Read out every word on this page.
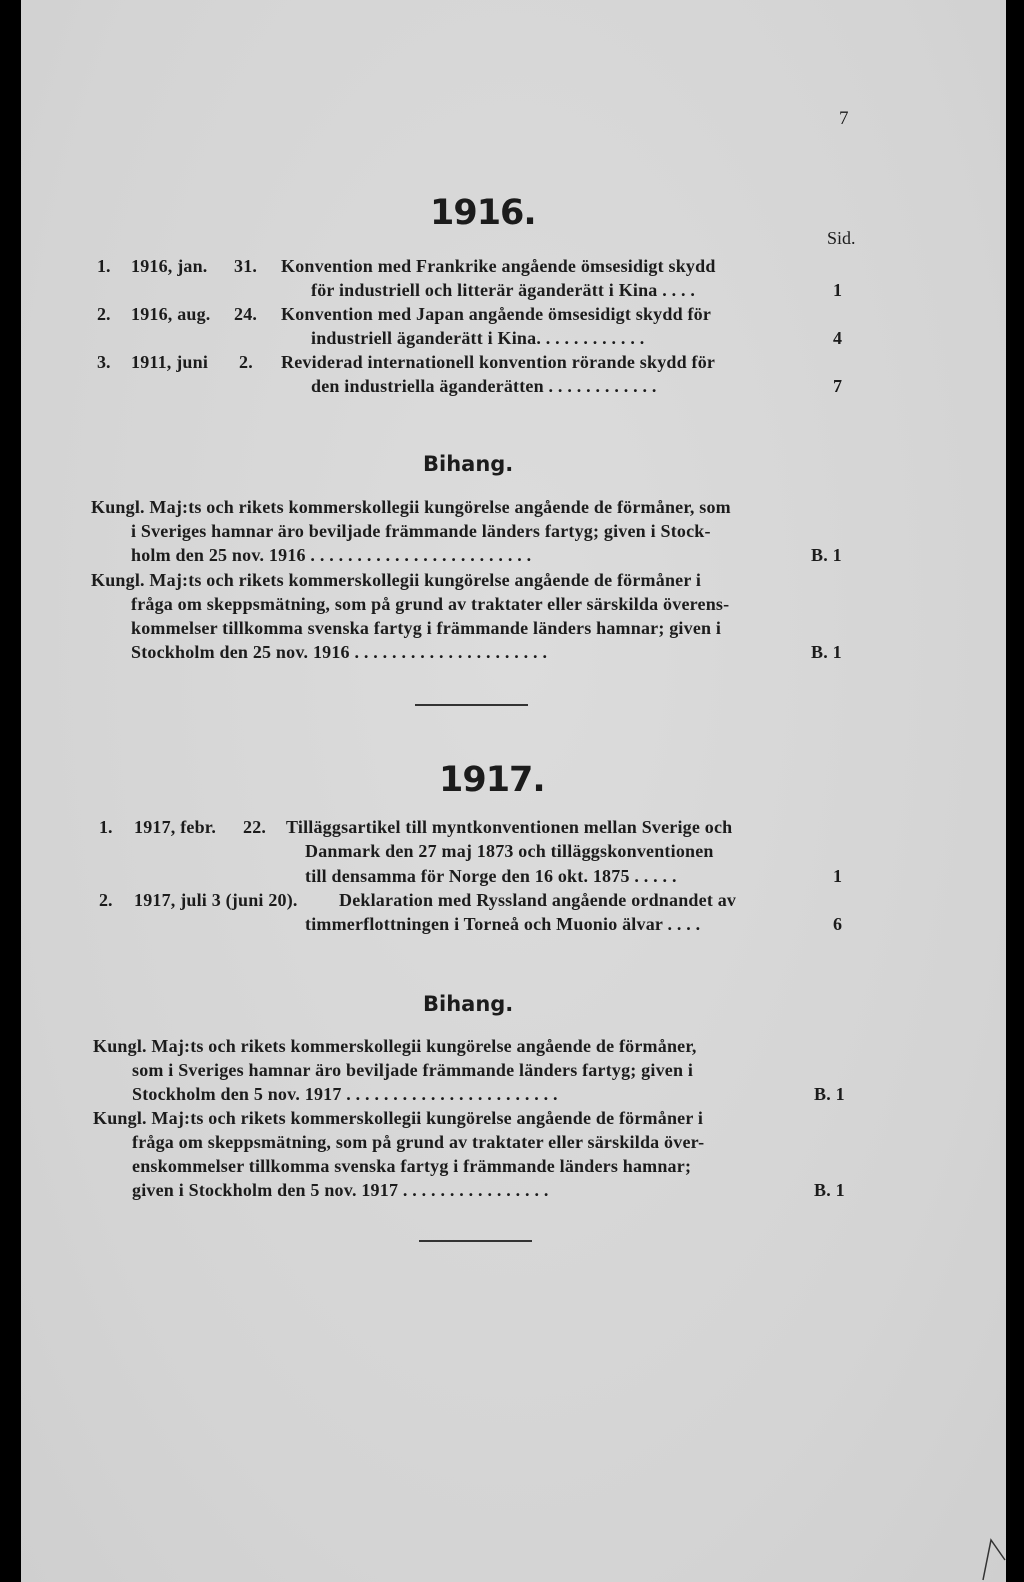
7
1916.
Sid.
1. 1916, jan. 31. Konvention med Frankrike angående ömsesidigt skydd
för industriell och litterär äganderätt i Kina . . . .	1
2. 1916, aug. 24. Konvention med Japan angående ömsesidigt skydd för
industriell äganderätt i Kina. . . . . . . . . . . .	4
3. 1911, juni 2. Reviderad internationell konvention rörande skydd för
den industriella äganderätten . . . . . . . . . . . .	7
Bihang.
Kungl. Maj:ts och rikets kommerskollegii kungörelse angående de förmåner, som
i Sveriges hamnar äro beviljade främmande länders fartyg; given i Stock-
holm den 25 nov. 1916 . . . . . . . . . . . . . . . . . . . . . . . .	B. 1
Kungl. Maj:ts och rikets kommerskollegii kungörelse angående de förmåner i
fråga om skeppsmätning, som på grund av traktater eller särskilda överens-
kommelser tillkomma svenska fartyg i främmande länders hamnar; given i
Stockholm den 25 nov. 1916 . . . . . . . . . . . . . . . . . . . . .	B. 1
1917.
1. 1917, febr. 22. Tilläggsartikel till myntkonventionen mellan Sverige och
Danmark den 27 maj 1873 och tilläggskonventionen
till densamma för Norge den 16 okt. 1875 . . . . .	1
2. 1917, juli 3 (juni 20). Deklaration med Ryssland angående ordnandet av
timmerflottningen i Torneå och Muonio älvar . . . .	6
Bihang.
Kungl. Maj:ts och rikets kommerskollegii kungörelse angående de förmåner,
som i Sveriges hamnar äro beviljade främmande länders fartyg; given i
Stockholm den 5 nov. 1917 . . . . . . . . . . . . . . . . . . . . . . .	B. 1
Kungl. Maj:ts och rikets kommerskollegii kungörelse angående de förmåner i
fråga om skeppsmätning, som på grund av traktater eller särskilda över-
enskommelser tillkomma svenska fartyg i främmande länders hamnar;
given i Stockholm den 5 nov. 1917 . . . . . . . . . . . . . . . .	B. 1
